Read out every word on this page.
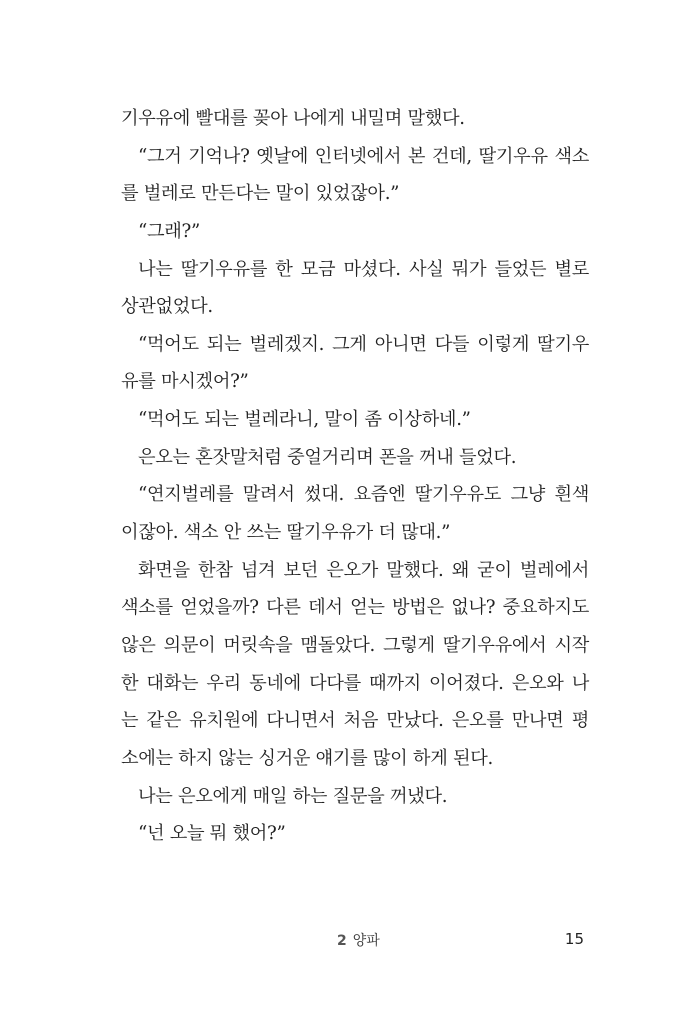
기우유에 빨대를 꽂아 나에게 내밀며 말했다.
“그거 기억나? 옛날에 인터넷에서 본 건데, 딸기우유 색소
를 벌레로 만든다는 말이 있었잖아.”
“그래?”
나는 딸기우유를 한 모금 마셨다. 사실 뭐가 들었든 별로
상관없었다.
“먹어도 되는 벌레겠지. 그게 아니면 다들 이렇게 딸기우
유를 마시겠어?”
“먹어도 되는 벌레라니, 말이 좀 이상하네.”
은오는 혼잣말처럼 중얼거리며 폰을 꺼내 들었다.
“연지벌레를 말려서 썼대. 요즘엔 딸기우유도 그냥 흰색
이잖아. 색소 안 쓰는 딸기우유가 더 많대.”
화면을 한참 넘겨 보던 은오가 말했다. 왜 굳이 벌레에서
색소를 얻었을까? 다른 데서 얻는 방법은 없나? 중요하지도
않은 의문이 머릿속을 맴돌았다. 그렇게 딸기우유에서 시작
한 대화는 우리 동네에 다다를 때까지 이어졌다. 은오와 나
는 같은 유치원에 다니면서 처음 만났다. 은오를 만나면 평
소에는 하지 않는 싱거운 얘기를 많이 하게 된다.
나는 은오에게 매일 하는 질문을 꺼냈다.
“넌 오늘 뭐 했어?”
2 양파	15
